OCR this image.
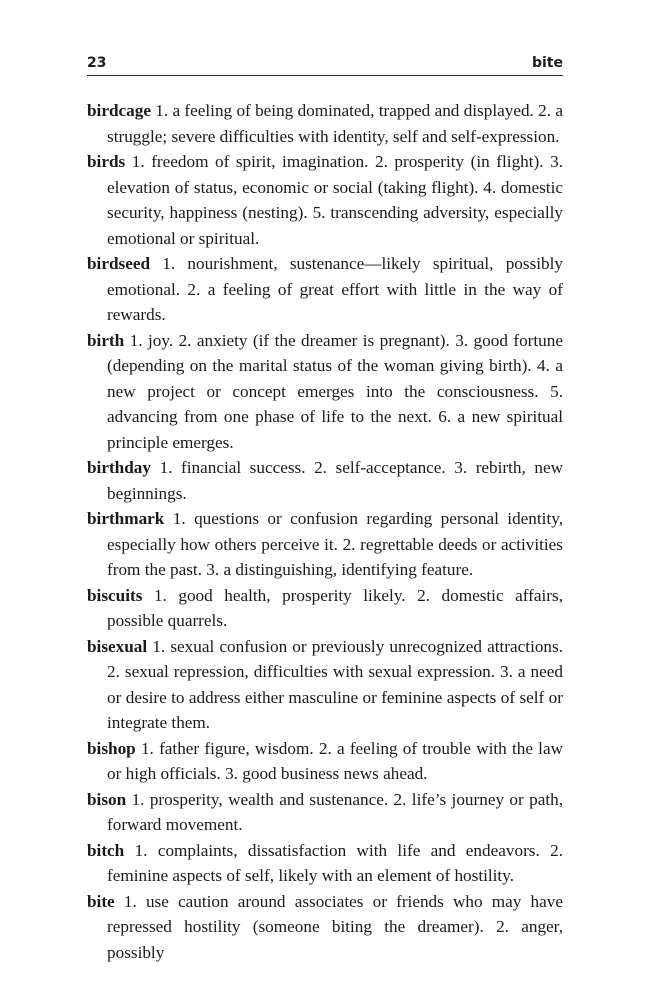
23	bite

birdcage 1. a feeling of being dominated, trapped and displayed. 2. a struggle; severe difficulties with identity, self and self-expression.

birds 1. freedom of spirit, imagination. 2. prosperity (in flight). 3. elevation of status, economic or social (taking flight). 4. domestic security, happiness (nesting). 5. transcending adversity, especially emotional or spiritual.

birdseed 1. nourishment, sustenance—likely spiritual, possibly emotional. 2. a feeling of great effort with little in the way of rewards.

birth 1. joy. 2. anxiety (if the dreamer is pregnant). 3. good fortune (depending on the marital status of the woman giving birth). 4. a new project or concept emerges into the consciousness. 5. advancing from one phase of life to the next. 6. a new spiritual principle emerges.

birthday 1. financial success. 2. self-acceptance. 3. rebirth, new beginnings.

birthmark 1. questions or confusion regarding personal identity, especially how others perceive it. 2. regrettable deeds or activities from the past. 3. a distinguishing, identifying feature.

biscuits 1. good health, prosperity likely. 2. domestic affairs, possible quarrels.

bisexual 1. sexual confusion or previously unrecognized attractions. 2. sexual repression, difficulties with sexual expression. 3. a need or desire to address either masculine or feminine aspects of self or integrate them.

bishop 1. father figure, wisdom. 2. a feeling of trouble with the law or high officials. 3. good business news ahead.

bison 1. prosperity, wealth and sustenance. 2. life’s journey or path, forward movement.

bitch 1. complaints, dissatisfaction with life and endeavors. 2. feminine aspects of self, likely with an element of hostility.

bite 1. use caution around associates or friends who may have repressed hostility (someone biting the dreamer). 2. anger, possibly
